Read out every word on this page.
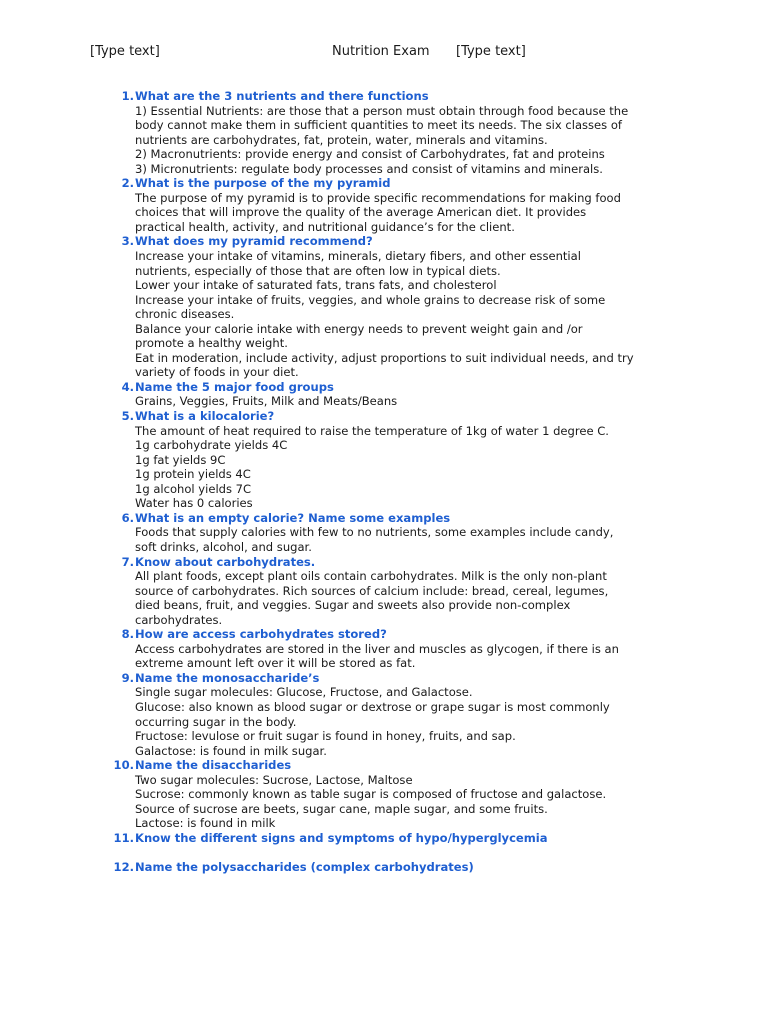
[Type text]	Nutrition Exam [Type text]
1. What are the 3 nutrients and there functions
1) Essential Nutrients: are those that a person must obtain through food because the
body cannot make them in sufficient quantities to meet its needs. The six classes of
nutrients are carbohydrates, fat, protein, water, minerals and vitamins.
2) Macronutrients: provide energy and consist of Carbohydrates, fat and proteins
3) Micronutrients: regulate body processes and consist of vitamins and minerals.
2. What is the purpose of the my pyramid
The purpose of my pyramid is to provide specific recommendations for making food
choices that will improve the quality of the average American diet. It provides
practical health, activity, and nutritional guidance’s for the client.
3. What does my pyramid recommend?
Increase your intake of vitamins, minerals, dietary fibers, and other essential
nutrients, especially of those that are often low in typical diets.
Lower your intake of saturated fats, trans fats, and cholesterol
Increase your intake of fruits, veggies, and whole grains to decrease risk of some
chronic diseases.
Balance your calorie intake with energy needs to prevent weight gain and /or
promote a healthy weight.
Eat in moderation, include activity, adjust proportions to suit individual needs, and try
variety of foods in your diet.
4. Name the 5 major food groups
Grains, Veggies, Fruits, Milk and Meats/Beans
5. What is a kilocalorie?
The amount of heat required to raise the temperature of 1kg of water 1 degree C.
1g carbohydrate yields 4C
1g fat yields 9C
1g protein yields 4C
1g alcohol yields 7C
Water has 0 calories
6. What is an empty calorie? Name some examples
Foods that supply calories with few to no nutrients, some examples include candy,
soft drinks, alcohol, and sugar.
7. Know about carbohydrates.
All plant foods, except plant oils contain carbohydrates. Milk is the only non-plant
source of carbohydrates. Rich sources of calcium include: bread, cereal, legumes,
died beans, fruit, and veggies. Sugar and sweets also provide non-complex
carbohydrates.
8. How are access carbohydrates stored?
Access carbohydrates are stored in the liver and muscles as glycogen, if there is an
extreme amount left over it will be stored as fat.
9. Name the monosaccharide’s
Single sugar molecules: Glucose, Fructose, and Galactose.
Glucose: also known as blood sugar or dextrose or grape sugar is most commonly
occurring sugar in the body.
Fructose: levulose or fruit sugar is found in honey, fruits, and sap.
Galactose: is found in milk sugar.
10. Name the disaccharides
Two sugar molecules: Sucrose, Lactose, Maltose
Sucrose: commonly known as table sugar is composed of fructose and galactose.
Source of sucrose are beets, sugar cane, maple sugar, and some fruits.
Lactose: is found in milk
11. Know the different signs and symptoms of hypo/hyperglycemia
12. Name the polysaccharides (complex carbohydrates)
